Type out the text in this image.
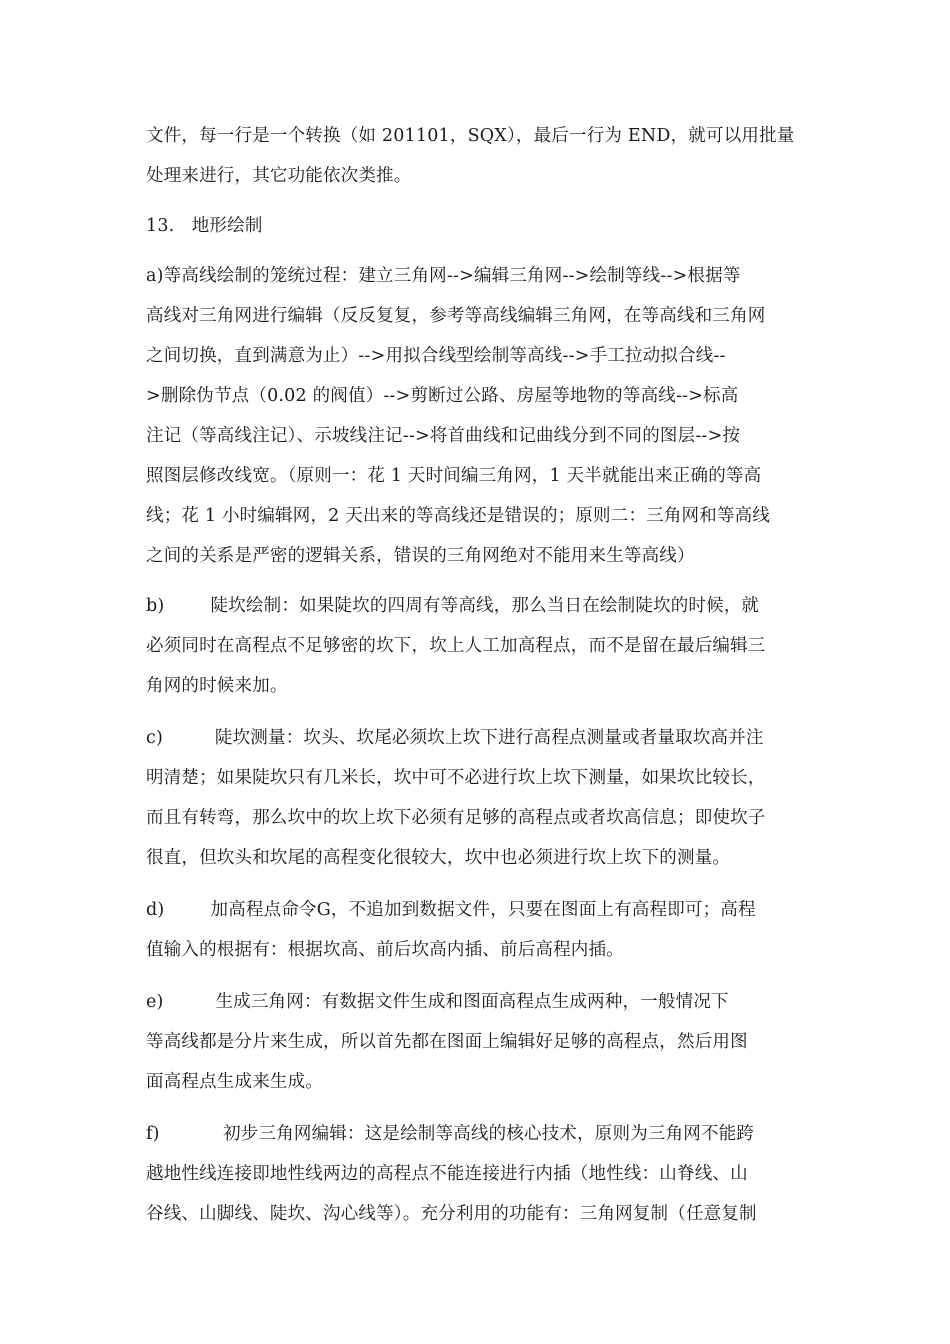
文件，每一行是一个转换（如 201101，SQX），最后一行为 END，就可以用批量
处理来进行，其它功能依次类推。
13.   地形绘制
a)等高线绘制的笼统过程：建立三角网-->编辑三角网-->绘制等线-->根据等
高线对三角网进行编辑（反反复复，参考等高线编辑三角网，在等高线和三角网
之间切换，直到满意为止）-->用拟合线型绘制等高线-->手工拉动拟合线--
>删除伪节点（0.02 的阀值）-->剪断过公路、房屋等地物的等高线-->标高
注记（等高线注记）、示坡线注记-->将首曲线和记曲线分到不同的图层-->按
照图层修改线宽。（原则一：花 1 天时间编三角网，1 天半就能出来正确的等高
线；花 1 小时编辑网，2 天出来的等高线还是错误的；原则二：三角网和等高线
之间的关系是严密的逻辑关系，错误的三角网绝对不能用来生等高线）
b)        陡坎绘制：如果陡坎的四周有等高线，那么当日在绘制陡坎的时候，就
必须同时在高程点不足够密的坎下，坎上人工加高程点，而不是留在最后编辑三
角网的时候来加。
c)         陡坎测量：坎头、坎尾必须坎上坎下进行高程点测量或者量取坎高并注
明清楚；如果陡坎只有几米长，坎中可不必进行坎上坎下测量，如果坎比较长，
而且有转弯，那么坎中的坎上坎下必须有足够的高程点或者坎高信息；即使坎子
很直，但坎头和坎尾的高程变化很较大，坎中也必须进行坎上坎下的测量。
d)        加高程点命令G，不追加到数据文件，只要在图面上有高程即可；高程
值输入的根据有：根据坎高、前后坎高内插、前后高程内插。
e)         生成三角网：有数据文件生成和图面高程点生成两种，一般情况下
等高线都是分片来生成，所以首先都在图面上编辑好足够的高程点，然后用图
面高程点生成来生成。
f)           初步三角网编辑：这是绘制等高线的核心技术，原则为三角网不能跨
越地性线连接即地性线两边的高程点不能连接进行内插（地性线：山脊线、山
谷线、山脚线、陡坎、沟心线等）。充分利用的功能有：三角网复制（任意复制
